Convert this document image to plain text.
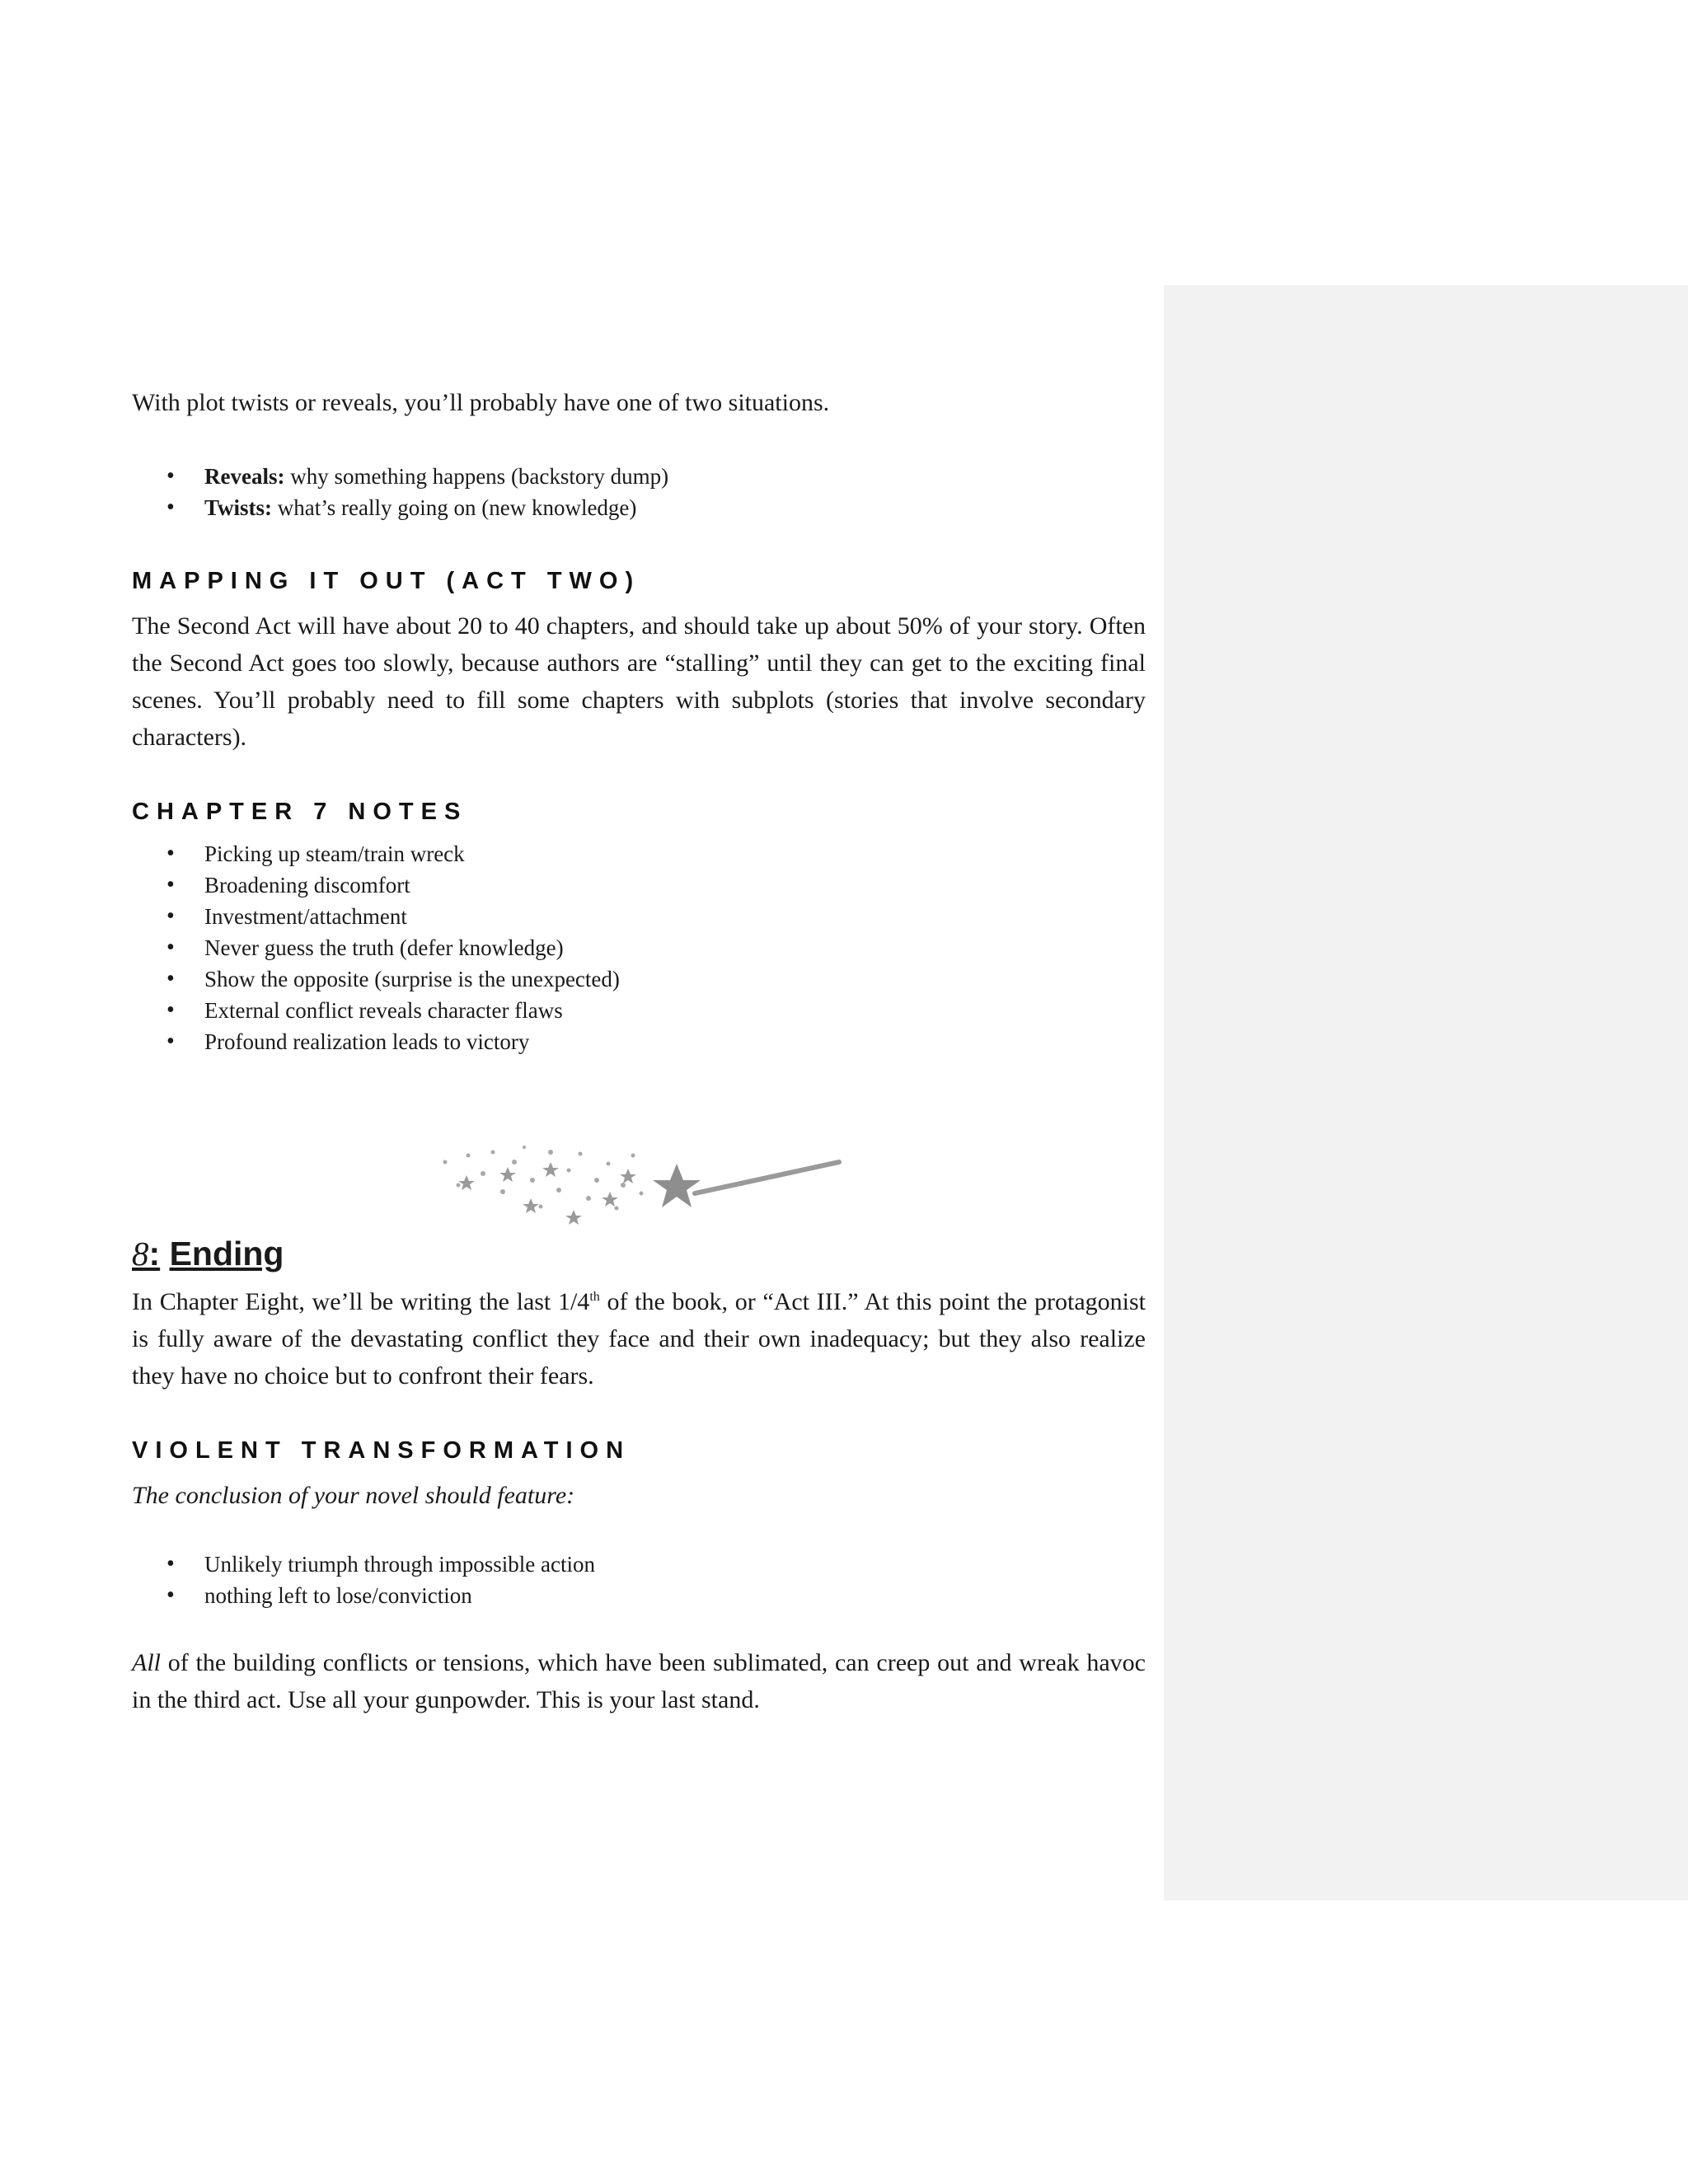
With plot twists or reveals, you’ll probably have one of two situations.

• Reveals: why something happens (backstory dump)
• Twists: what’s really going on (new knowledge)
MAPPING IT OUT (ACT TWO)

The Second Act will have about 20 to 40 chapters, and should take up about 50% of your story. Often the Second Act goes too slowly, because authors are “stalling” until they can get to the exciting final scenes. You’ll probably need to fill some chapters with subplots (stories that involve secondary characters).

CHAPTER 7 NOTES
• Picking up steam/train wreck
• Broadening discomfort
• Investment/attachment
• Never guess the truth (defer knowledge)
• Show the opposite (surprise is the unexpected)
• External conflict reveals character flaws
• Profound realization leads to victory
8: Ending

In Chapter Eight, we’ll be writing the last 1/4th of the book, or “Act III.” At this point the protagonist is fully aware of the devastating conflict they face and their own inadequacy; but they also realize they have no choice but to confront their fears.

VIOLENT TRANSFORMATION

The conclusion of your novel should feature:

• Unlikely triumph through impossible action
• nothing left to lose/conviction

All of the building conflicts or tensions, which have been sublimated, can creep out and wreak havoc in the third act. Use all your gunpowder. This is your last stand.
